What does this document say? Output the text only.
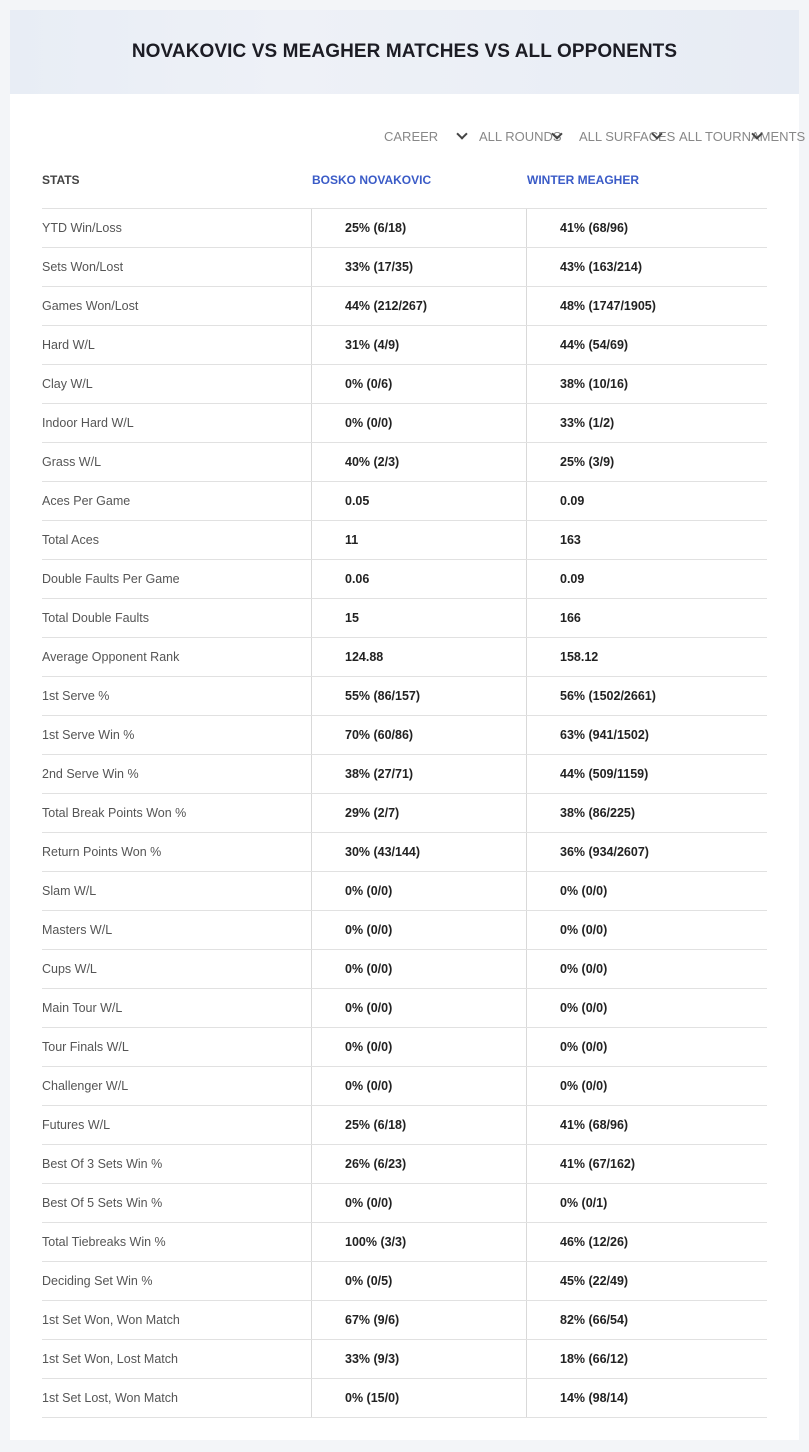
NOVAKOVIC VS MEAGHER MATCHES VS ALL OPPONENTS
CAREER	ALL ROUNDS ALL SURFACES ALL TOURNAMENTS
STATS	BOSKO NOVAKOVIC	WINTER MEAGHER
YTD Win/Loss	25% (6/18)	41% (68/96)
Sets Won/Lost	33% (17/35)	43% (163/214)
Games Won/Lost	44% (212/267)	48% (1747/1905)
Hard W/L	31% (4/9)	44% (54/69)
Clay W/L	0% (0/6)	38% (10/16)
Indoor Hard W/L	0% (0/0)	33% (1/2)
Grass W/L	40% (2/3)	25% (3/9)
Aces Per Game	0.05	0.09
Total Aces	11	163
Double Faults Per Game	0.06	0.09
Total Double Faults	15	166
Average Opponent Rank	124.88	158.12
1st Serve %	55% (86/157)	56% (1502/2661)
1st Serve Win %	70% (60/86)	63% (941/1502)
2nd Serve Win %	38% (27/71)	44% (509/1159)
Total Break Points Won %	29% (2/7)	38% (86/225)
Return Points Won %	30% (43/144)	36% (934/2607)
Slam W/L	0% (0/0)	0% (0/0)
Masters W/L	0% (0/0)	0% (0/0)
Cups W/L	0% (0/0)	0% (0/0)
Main Tour W/L	0% (0/0)	0% (0/0)
Tour Finals W/L	0% (0/0)	0% (0/0)
Challenger W/L	0% (0/0)	0% (0/0)
Futures W/L	25% (6/18)	41% (68/96)
Best Of 3 Sets Win %	26% (6/23)	41% (67/162)
Best Of 5 Sets Win %	0% (0/0)	0% (0/1)
Total Tiebreaks Win %	100% (3/3)	46% (12/26)
Deciding Set Win %	0% (0/5)	45% (22/49)
1st Set Won, Won Match	67% (9/6)	82% (66/54)
1st Set Won, Lost Match	33% (9/3)	18% (66/12)
1st Set Lost, Won Match	0% (15/0)	14% (98/14)
